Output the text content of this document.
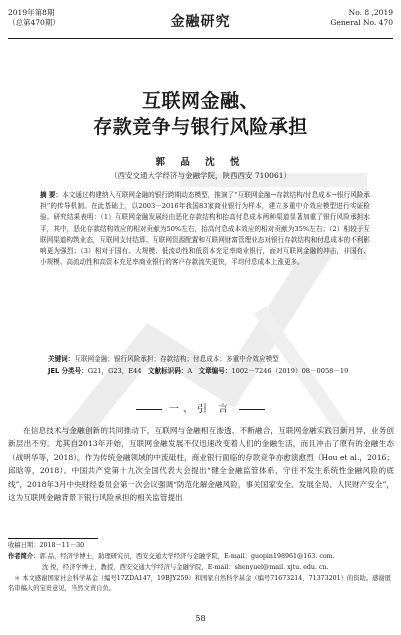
2019年第8期
（总第470期）	金融研究
No. 8 ,2019
General No. 470
互联网金融、
存款竞争与银行风险承担
郭 品 沈 悦
（西安交通大学经济与金融学院，陕西西安 710061）
摘 要：本文通过构建纳入互联网金融的银行跨期动态模型，推演了“互联网金融→存款结构/付息成本→银行风险承担”的传导机制。在此基础上，以2003－2016年我国83家商业银行为样本，建立多重中介效应模型进行实证检验。研究结果表明：（1）互联网金融发展经由恶化存款结构和抬高付息成本两种渠道显著加重了银行风险承担水平，其中，恶化存款结构效应的相对贡献为50%左右，抬高付息成本效应的相对贡献为35%左右；（2）相较于互联网渠道构筑业态，互联网支付结算、互联网资源配置和互联网财富管理业态对银行存款结构和付息成本的不利影响更为强烈；（3）相对于国有、大规模、低流动性和低资本充足率商业银行，面对互联网金融的冲击，非国有、小规模、高流动性和高资本充足率商业银行的客户存款流失更快，平均付息成本上涨更多。
关键词：互联网金融；银行风险承担；存款结构；付息成本；多重中介效应模型
JEL 分类号：G21，G23，E44 文献标识码：A 文章编号：1002－7246（2019）08－0058－19
一、引 言
在信息技术与金融创新的共同推动下，互联网与金融相互渗透、不断融合，互联网金融实践日新月异，业务创新层出不穷。尤其自2013年开始，互联网金融发展不仅迅速改变着人们的金融生活，而且冲击了原有的金融生态（战明华等，2018）。作为传统金融领域的中流砥柱，商业银行面临的存款竞争亦愈演愈烈（Hou et al.，2016；邱晗等，2018）。中国共产党第十九次全国代表大会提出“健全金融监管体系，守住不发生系统性金融风险的底线”，2018年3月中央财经委员会第一次会议强调“防范化解金融风险，事关国家安全、发展全局、人民财产安全”，这为互联网金融背景下银行风险承担的相关监管提出
收稿日期：2018－11－30
作者简介：郭 品，经济学博士，助理研究员，西安交通大学经济与金融学院，E-mail：guopin198961@163. com.
沈 悦，经济学博士，教授，西安交通大学经济与金融学院，E-mail：shenyuel@mail. xjtu. edu. cn.
＊ 本文感谢国家社会科学基金（编号17ZDA147，19BJY259）和国家自然科学基金（编号71673214，71373201）的资助。感谢匿名审稿人的宝贵意见，当然文责自负。
58
